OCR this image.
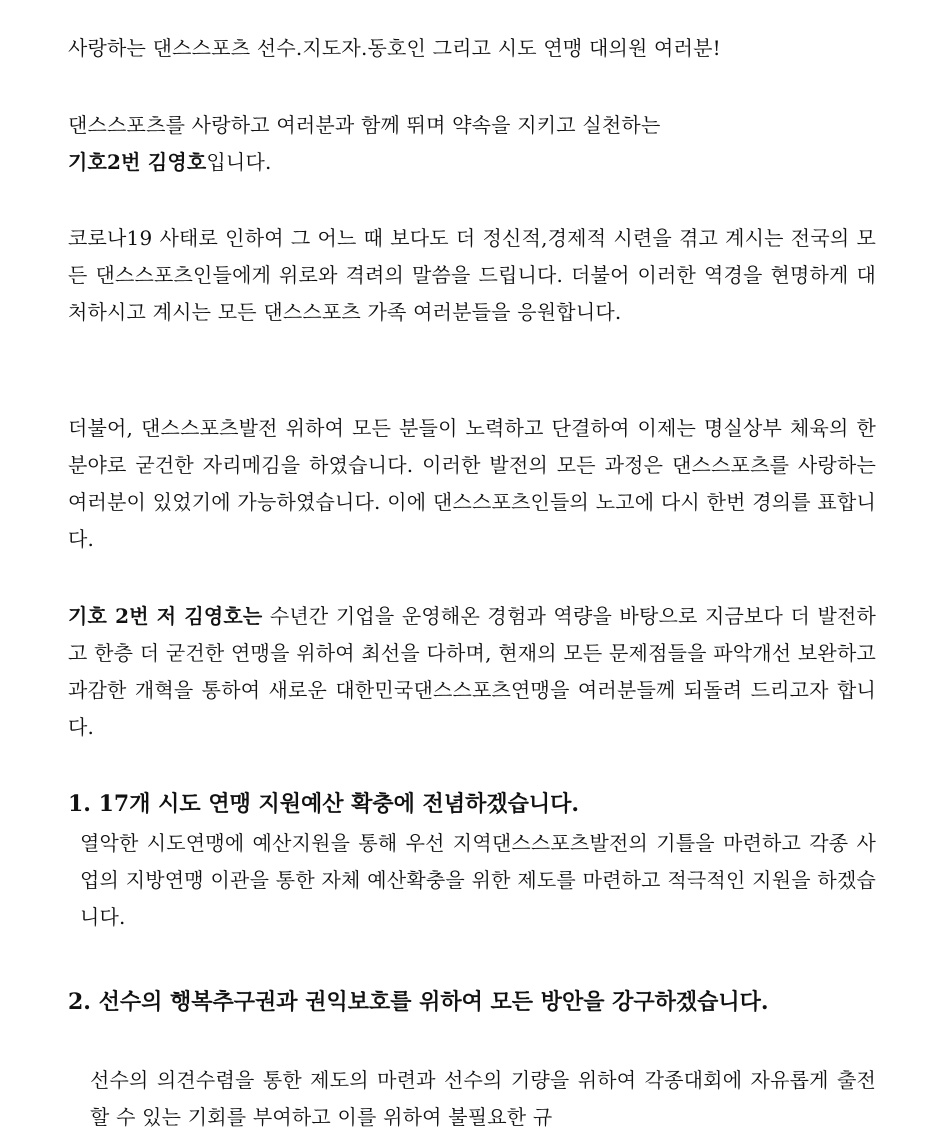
사랑하는 댄스스포츠 선수.지도자.동호인 그리고 시도 연맹 대의원 여러분!

댄스스포츠를 사랑하고 여러분과 함께 뛰며 약속을 지키고 실천하는
기호2번 김영호입니다.

코로나19 사태로 인하여 그 어느 때 보다도 더 정신적,경제적 시련을 겪고 계시는 전국의 모든 댄스스포츠인들에게 위로와 격려의 말씀을 드립니다. 더불어 이러한 역경을 현명하게 대처하시고 계시는 모든 댄스스포츠 가족 여러분들을 응원합니다.

더불어, 댄스스포츠발전 위하여 모든 분들이 노력하고 단결하여 이제는 명실상부 체육의 한 분야로 굳건한 자리메김을 하였습니다. 이러한 발전의 모든 과정은 댄스스포츠를 사랑하는 여러분이 있었기에 가능하였습니다. 이에 댄스스포츠인들의 노고에 다시 한번 경의를 표합니다.

기호 2번 저 김영호는 수년간 기업을 운영해온 경험과 역량을 바탕으로 지금보다 더 발전하고 한층 더 굳건한 연맹을 위하여 최선을 다하며, 현재의 모든 문제점들을 파악개선 보완하고 과감한 개혁을 통하여 새로운 대한민국댄스스포츠연맹을 여러분들께 되돌려 드리고자 합니다.

1. 17개 시도 연맹 지원예산 확충에 전념하겠습니다.

열악한 시도연맹에 예산지원을 통해 우선 지역댄스스포츠발전의 기틀을 마련하고 각종 사업의 지방연맹 이관을 통한 자체 예산확충을 위한 제도를 마련하고 적극적인 지원을 하겠습니다.

2. 선수의 행복추구권과 권익보호를 위하여 모든 방안을 강구하겠습니다.

선수의 의견수렴을 통한 제도의 마련과 선수의 기량을 위하여 각종대회에 자유롭게 출전할 수 있는 기회를 부여하고 이를 위하여 불필요한 규
